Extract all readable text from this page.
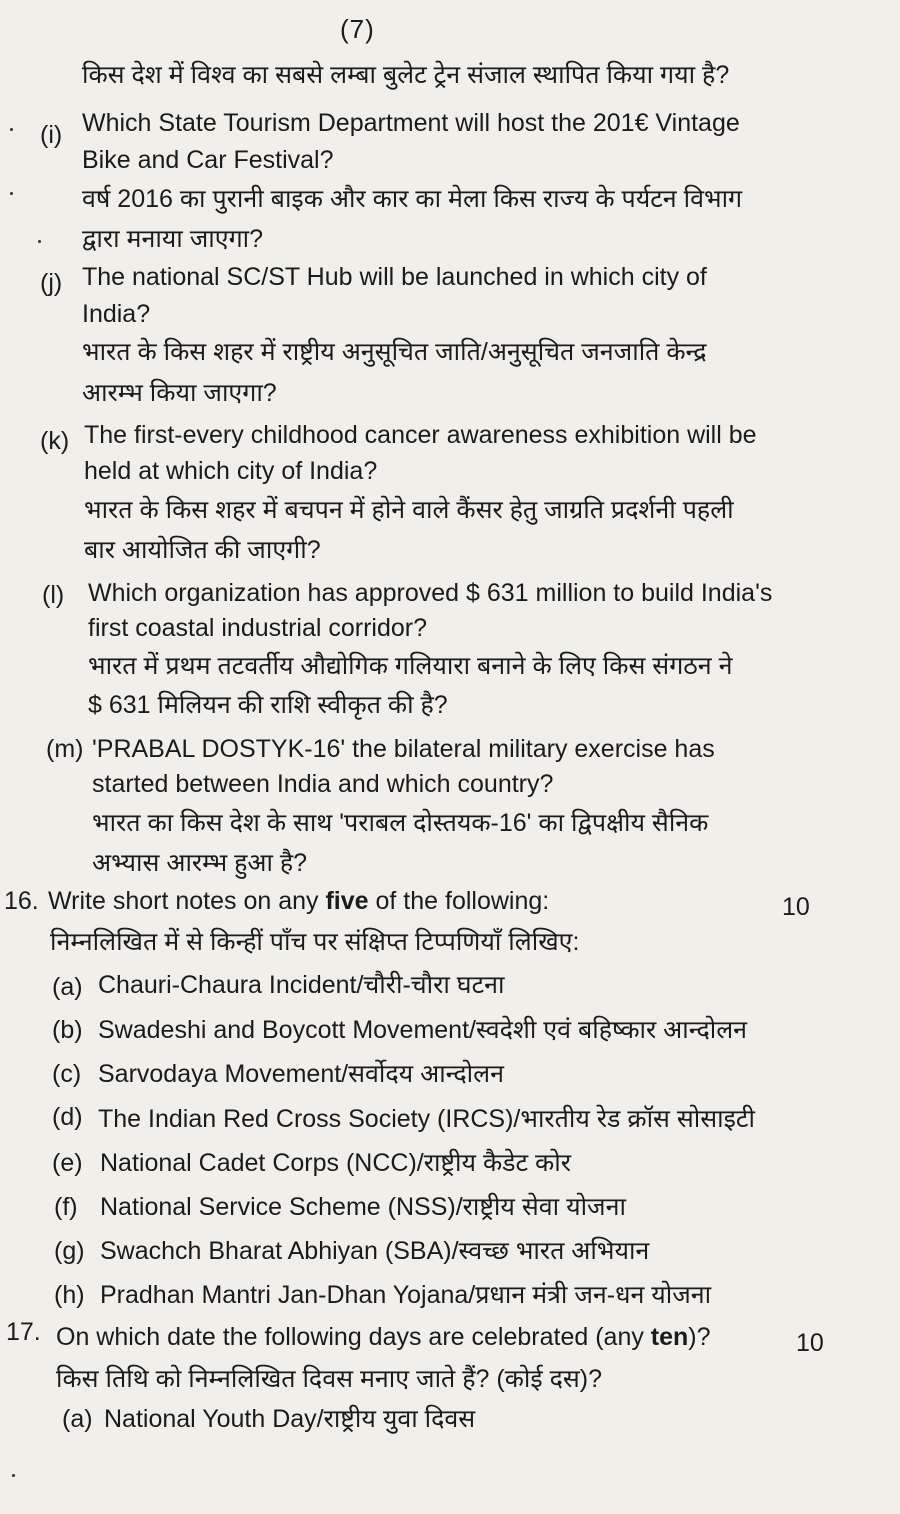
(7)
किस देश में विश्व का सबसे लम्बा बुलेट ट्रेन संजाल स्थापित किया गया है?
(i) Which State Tourism Department will host the 201€ Vintage
Bike and Car Festival?
वर्ष 2016 का पुरानी बाइक और कार का मेला किस राज्य के पर्यटन विभाग
द्वारा मनाया जाएगा?
(j) The national SC/ST Hub will be launched in which city of
India?
भारत के किस शहर में राष्ट्रीय अनुसूचित जाति/अनुसूचित जनजाति केन्द्र
आरम्भ किया जाएगा?
(k) The first-every childhood cancer awareness exhibition will be
held at which city of India?
भारत के किस शहर में बचपन में होने वाले कैंसर हेतु जाग्रति प्रदर्शनी पहली
बार आयोजित की जाएगी?
(l) Which organization has approved $ 631 million to build India's
first coastal industrial corridor?
भारत में प्रथम तटवर्तीय औद्योगिक गलियारा बनाने के लिए किस संगठन ने
$ 631 मिलियन की राशि स्वीकृत की है?
(m) 'PRABAL DOSTYK-16' the bilateral military exercise has
started between India and which country?
भारत का किस देश के साथ 'पराबल दोस्तयक-16' का द्विपक्षीय सैनिक
अभ्यास आरम्भ हुआ है?
16. Write short notes on any five of the following:	10
निम्नलिखित में से किन्हीं पाँच पर संक्षिप्त टिप्पणियाँ लिखिए:
(a) Chauri-Chaura Incident/चौरी-चौरा घटना
(b) Swadeshi and Boycott Movement/स्वदेशी एवं बहिष्कार आन्दोलन
(c) Sarvodaya Movement/सर्वोदय आन्दोलन
(d) The Indian Red Cross Society (IRCS)/भारतीय रेड क्रॉस सोसाइटी
(e) National Cadet Corps (NCC)/राष्ट्रीय कैडेट कोर
(f) National Service Scheme (NSS)/राष्ट्रीय सेवा योजना
(g) Swachch Bharat Abhiyan (SBA)/स्वच्छ भारत अभियान
(h) Pradhan Mantri Jan-Dhan Yojana/प्रधान मंत्री जन-धन योजना
17. On which date the following days are celebrated (any ten)?	10
किस तिथि को निम्नलिखित दिवस मनाए जाते हैं? (कोई दस)?
(a) National Youth Day/राष्ट्रीय युवा दिवस
